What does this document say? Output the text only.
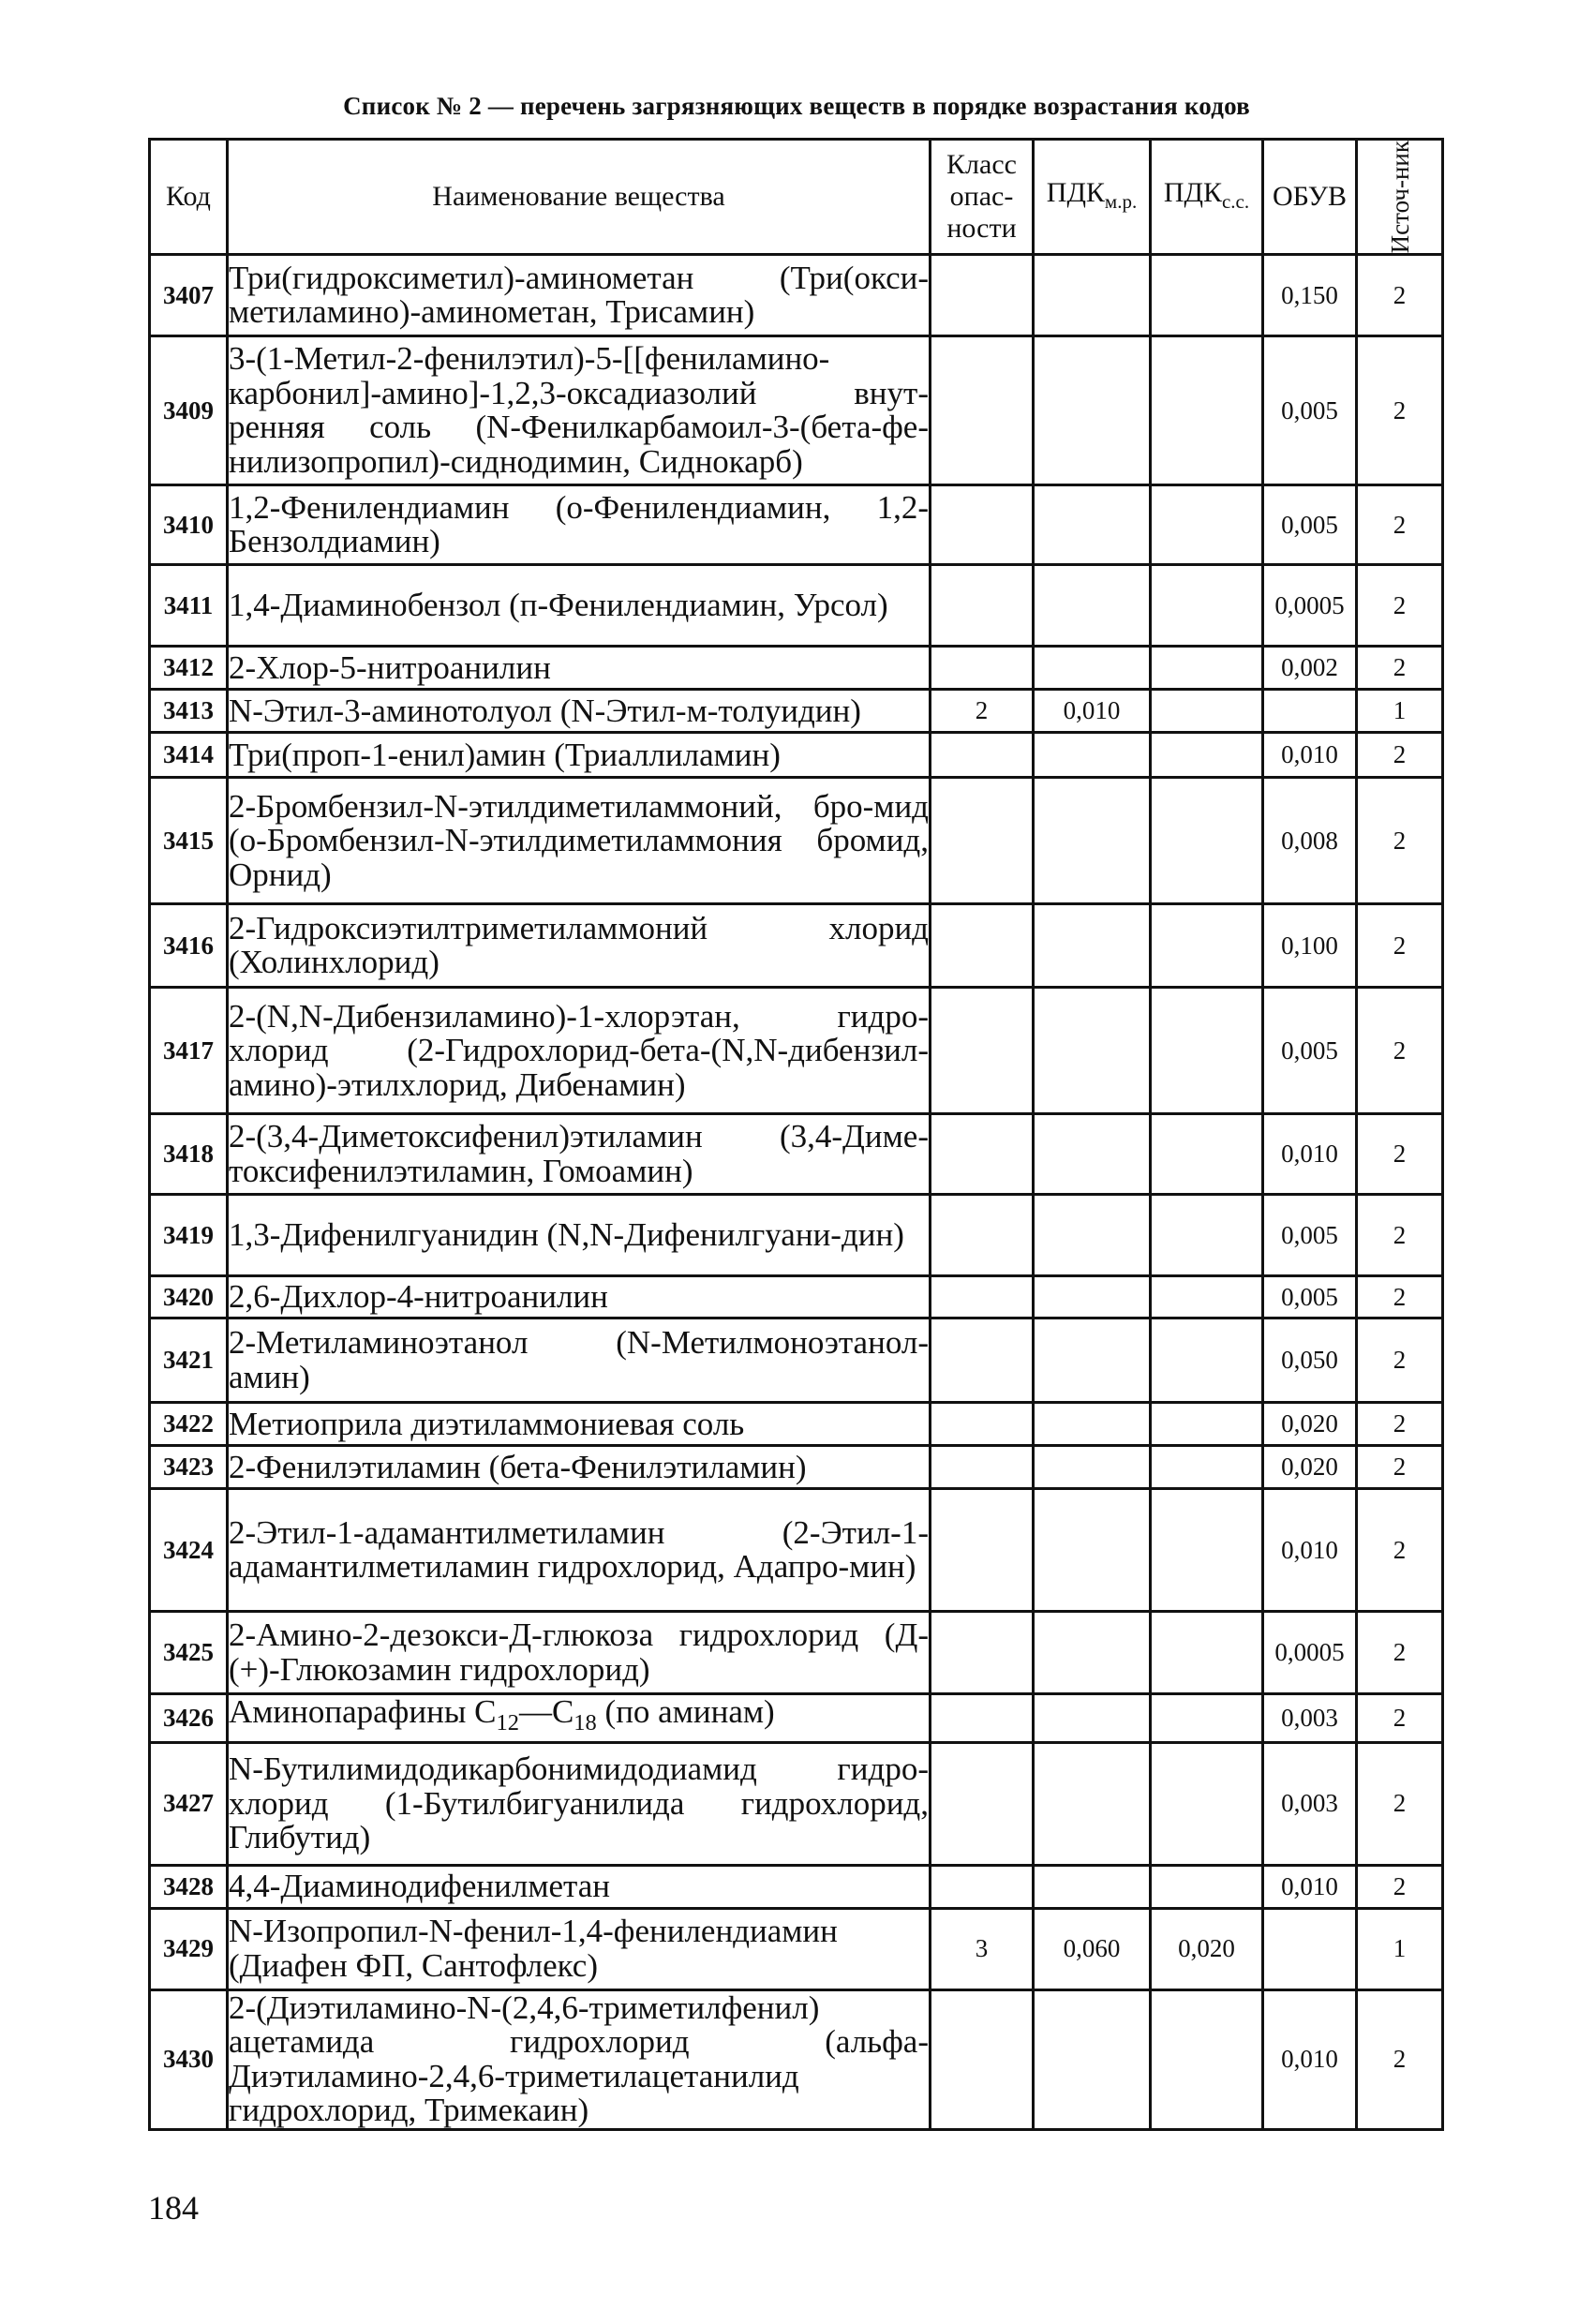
Список № 2 — перечень загрязняющих веществ в порядке возрастания кодов
Код	Наименование вещества	Класс опас-ности	$ПДК_{м.р.}$	$ПДК_{с.с.}$	ОБУВ	Источ-ник

3407	Три(гидроксиметил)-аминометан (Три(окси-метиламино)-аминометан, Трисамин)				0,150	2
3409	3-(1-Метил-2-фенилэтил)-5-[[фениламино-карбонил]-амино]-1,2,3-оксадиазолий внут-ренняя соль (N-Фенилкарбамоил-3-(бета-фе-нилизопропил)-сиднодимин, Сиднокарб)				0,005	2
3410	1,2-Фенилендиамин (о-Фенилендиамин, 1,2-Бензолдиамин)				0,005	2
3411	1,4-Диаминобензол (п-Фенилендиамин, Урсол)				0,0005	2
3412	2-Хлор-5-нитроанилин				0,002	2
3413	N-Этил-3-аминотолуол (N-Этил-м-толуидин)	2	0,010			1
3414	Три(проп-1-енил)амин (Триаллиламин)				0,010	2
3415	2-Бромбензил-N-этилдиметиламмоний, бро-мид (о-Бромбензил-N-этилдиметиламмония бромид, Орнид)				0,008	2
3416	2-Гидроксиэтилтриметиламмоний хлорид (Холинхлорид)				0,100	2
3417	2-(N,N-Дибензиламино)-1-хлорэтан, гидро-хлорид (2-Гидрохлорид-бета-(N,N-дибензил-амино)-этилхлорид, Дибенамин)				0,005	2
3418	2-(3,4-Диметоксифенил)этиламин (3,4-Диме-токсифенилэтиламин, Гомоамин)				0,010	2
3419	1,3-Дифенилгуанидин (N,N-Дифенилгуани-дин)				0,005	2
3420	2,6-Дихлор-4-нитроанилин				0,005	2
3421	2-Метиламиноэтанол (N-Метилмоноэтанол-амин)				0,050	2
3422	Метиоприла диэтиламмониевая соль				0,020	2
3423	2-Фенилэтиламин (бета-Фенилэтиламин)				0,020	2
3424	2-Этил-1-адамантилметиламин (2-Этил-1-адамантилметиламин гидрохлорид, Адапро-мин)				0,010	2
3425	2-Амино-2-дезокси-Д-глюкоза гидрохлорид (Д-(+)-Глюкозамин гидрохлорид)				0,0005	2
3426	Аминопарафины $C_{12}—C_{18}$ (по аминам)				0,003	2
3427	N-Бутилимидодикарбонимидодиамид гидро-хлорид (1-Бутилбигуанилида гидрохлорид, Глибутид)				0,003	2
3428	4,4-Диаминодифенилметан				0,010	2
3429	N-Изопропил-N-фенил-1,4-фенилендиамин (Диафен ФП, Сантофлекс)	3	0,060	0,020		1
3430	2-(Диэтиламино-N-(2,4,6-триметилфенил) ацетамида гидрохлорид (альфа-Диэтиламино-2,4,6-триметилацетанилид гидрохлорид, Тримекаин)				0,010	2
184
